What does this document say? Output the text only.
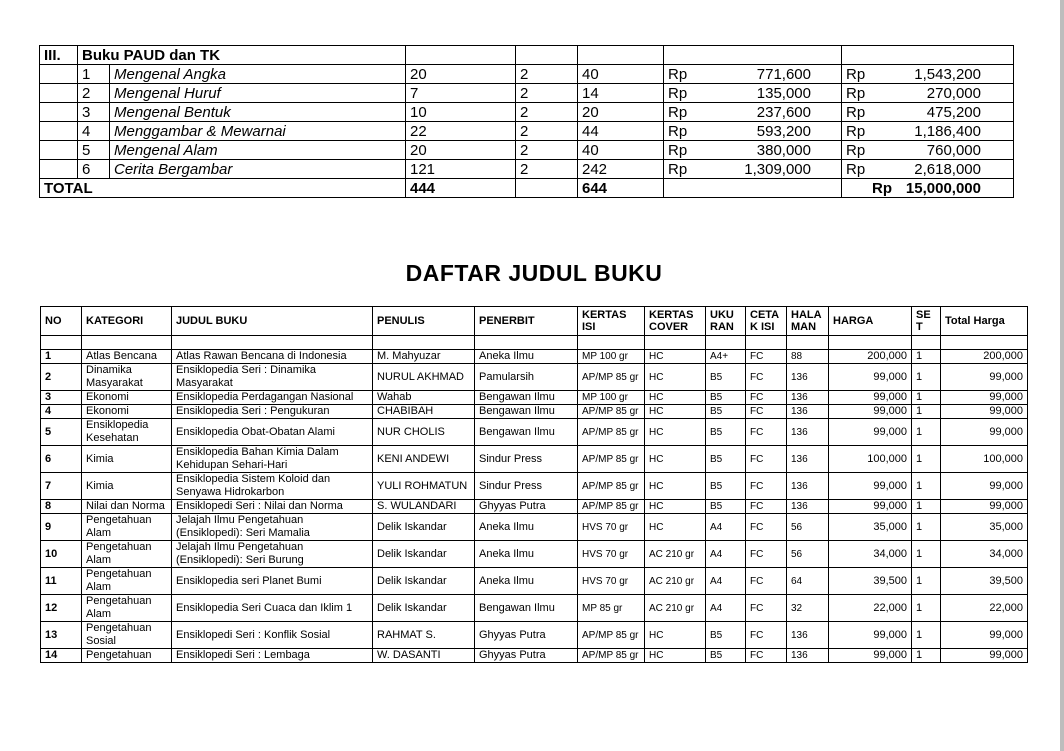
III.	Buku PAUD dan TK						
	1	Mengenal Angka	20	2	40	Rp 771,600	Rp 1,543,200

	2	Mengenal Huruf	7	2	14	Rp 135,000	Rp 270,000

	3	Mengenal Bentuk	10	2	20	Rp 237,600	Rp 475,200

	4	Menggambar & Mewarnai	22	2	44	Rp 593,200	Rp 1,186,400

	5	Mengenal Alam	20	2	40	Rp 380,000	Rp 760,000

	6	Cerita Bergambar	121	2	242	Rp 1,309,000	Rp 2,618,000

TOTAL			444		644		Rp 15,000,000
DAFTAR JUDUL BUKU
NO	KATEGORI	JUDUL BUKU	PENULIS	PENERBIT	KERTAS ISI	KERTAS COVER	UKU RAN	CETA K ISI	HALA MAN	HARGA	SE T	Total Harga

1	Atlas Bencana	Atlas Rawan Bencana di Indonesia	M. Mahyuzar	Aneka Ilmu	MP 100 gr	HC	A4+	FC	88	200,000	1	200,000
2	Dinamika Masyarakat	Ensiklopedia Seri : Dinamika Masyarakat	NURUL AKHMAD	Pamularsih	AP/MP 85 gr	HC	B5	FC	136	99,000	1	99,000
3	Ekonomi	Ensiklopedia Perdagangan Nasional	Wahab	Bengawan Ilmu	MP 100 gr	HC	B5	FC	136	99,000	1	99,000
4	Ekonomi	Ensiklopedia Seri : Pengukuran	CHABIBAH	Bengawan Ilmu	AP/MP 85 gr	HC	B5	FC	136	99,000	1	99,000
5	Ensiklopedia Kesehatan	Ensiklopedia Obat-Obatan Alami	NUR CHOLIS	Bengawan Ilmu	AP/MP 85 gr	HC	B5	FC	136	99,000	1	99,000
6	Kimia	Ensiklopedia Bahan Kimia Dalam Kehidupan Sehari-Hari	KENI ANDEWI	Sindur Press	AP/MP 85 gr	HC	B5	FC	136	100,000	1	100,000
7	Kimia	Ensiklopedia Sistem Koloid dan Senyawa Hidrokarbon	YULI ROHMATUN	Sindur Press	AP/MP 85 gr	HC	B5	FC	136	99,000	1	99,000
8	Nilai dan Norma	Ensiklopedi Seri : Nilai dan Norma	S. WULANDARI	Ghyyas Putra	AP/MP 85 gr	HC	B5	FC	136	99,000	1	99,000
9	Pengetahuan Alam	Jelajah Ilmu Pengetahuan (Ensiklopedi): Seri Mamalia	Delik Iskandar	Aneka Ilmu	HVS 70 gr	HC	A4	FC	56	35,000	1	35,000
10	Pengetahuan Alam	Jelajah Ilmu Pengetahuan (Ensiklopedi): Seri Burung	Delik Iskandar	Aneka Ilmu	HVS 70 gr	AC 210 gr	A4	FC	56	34,000	1	34,000
11	Pengetahuan Alam	Ensiklopedia seri Planet Bumi	Delik Iskandar	Aneka Ilmu	HVS 70 gr	AC 210 gr	A4	FC	64	39,500	1	39,500
12	Pengetahuan Alam	Ensiklopedia Seri Cuaca dan Iklim 1	Delik Iskandar	Bengawan Ilmu	MP 85 gr	AC 210 gr	A4	FC	32	22,000	1	22,000
13	Pengetahuan Sosial	Ensiklopedi Seri : Konflik Sosial	RAHMAT S.	Ghyyas Putra	AP/MP 85 gr	HC	B5	FC	136	99,000	1	99,000
14	Pengetahuan	Ensiklopedi Seri : Lembaga	W. DASANTI	Ghyyas Putra	AP/MP 85 gr	HC	B5	FC	136	99,000	1	99,000
